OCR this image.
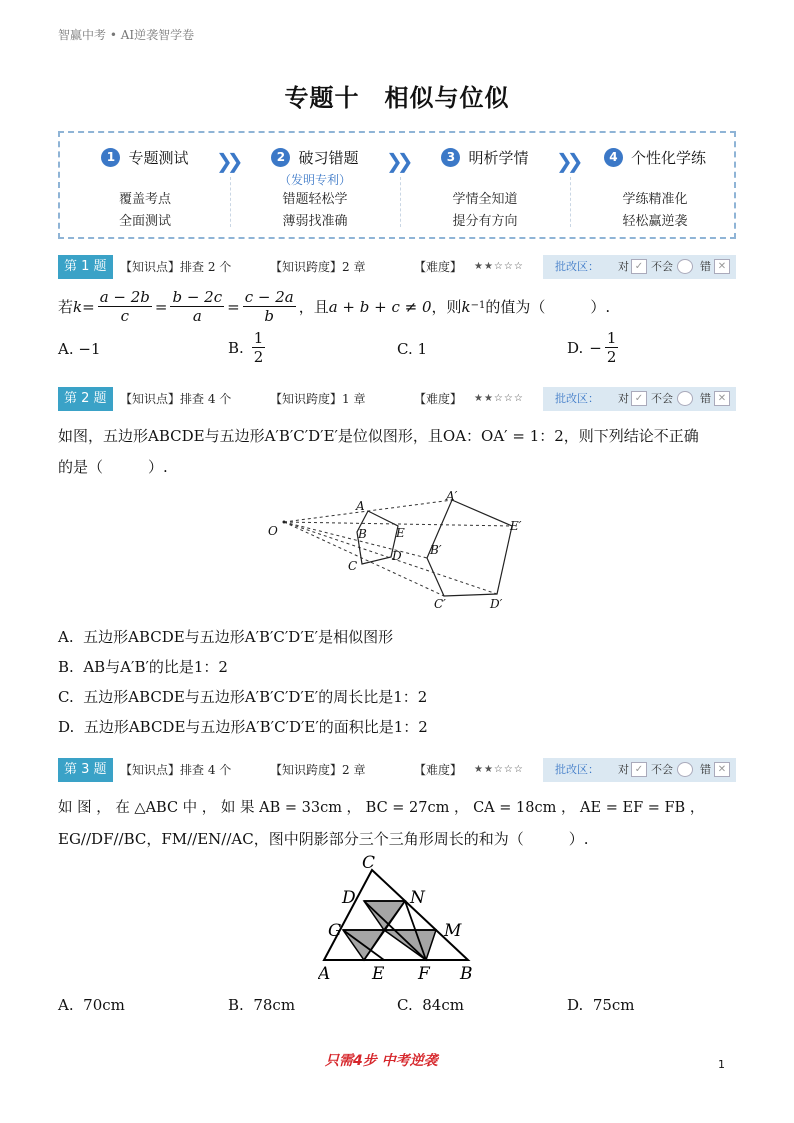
智赢中考 • AI逆袭智学卷
专题十　相似与位似
1 专题测试
覆盖考点
全面测试
❯❯	2 破习错题
（发明专利）
错题轻松学
薄弱找准确
❯❯	3 明析学情
学情全知道
提分有方向
❯❯	4 个性化学练
学练精准化
轻松赢逆袭
第 1 题	【知识点】排查 2 个	【知识跨度】2 章	【难度】 ★★☆☆☆	批改区： 对 ✓ 不会 错 ✕
若 $k = \frac{a - 2b}{c} = \frac{b - 2c}{a} = \frac{c - 2a}{b}$ ，且 a + b + c ≠ 0 ，则 k −1 的值为（　　　）.
A. −1	B. $\frac{1}{2}$	C. 1	D. − $\frac{1}{2}$
第 2 题	【知识点】排查 4 个	【知识跨度】1 章	【难度】 ★★☆☆☆	批改区： 对 ✓ 不会 错 ✕
如图，五边形ABCDE与五边形A′B′C′D′E′是位似图形，且OA：OA′ = 1：2，则下列结论不正确
的是（　　　）.
O
A
B
C
D
E
A′
B′
C′	D′
E′
A. 五边形ABCDE与五边形A′B′C′D′E′是相似图形
B. AB与A′B′的比是1：2
C. 五边形ABCDE与五边形A′B′C′D′E′的周长比是1：2
D. 五边形ABCDE与五边形A′B′C′D′E′的面积比是1：2
第 3 题	【知识点】排查 4 个	【知识跨度】2 章	【难度】 ★★☆☆☆	批改区： 对 ✓ 不会 错 ✕
如 图 ， 在 △ABC 中 ， 如 果 AB = 33cm ， BC = 27cm ， CA = 18cm ， AE = EF = FB ，
EG//DF//BC，FM//EN//AC，图中阴影部分三个三角形周长的和为（　　　）.
A	B
C
D
E F
G	M
N
A. 70cm	B. 78cm	C. 84cm	D. 75cm
只需4步 中考逆袭	1
